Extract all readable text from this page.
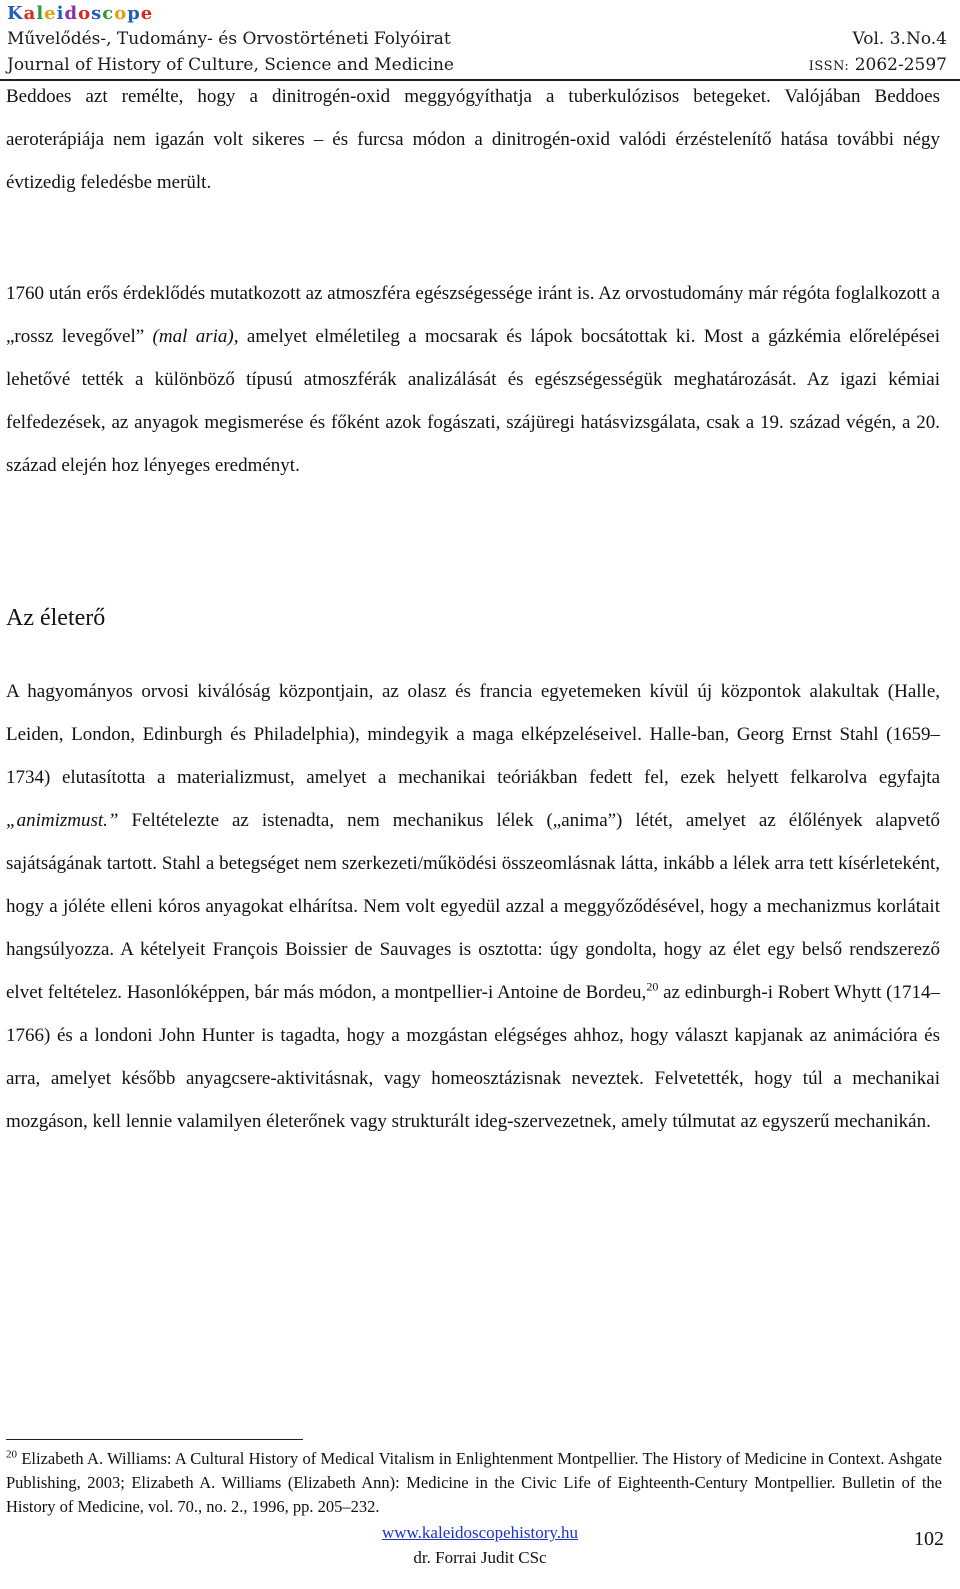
Kaleidoscope
Művelődés-, Tudomány- és Orvostörténeti Folyóirat	Vol. 3.No.4
Journal of History of Culture, Science and Medicine	ISSN: 2062-2597

Beddoes azt remélte, hogy a dinitrogén-oxid meggyógyíthatja a tuberkulózisos betegeket. Valójában Beddoes aeroterápiája nem igazán volt sikeres – és furcsa módon a dinitrogén-oxid valódi érzéstelenítő hatása további négy évtizedig feledésbe merült.

1760 után erős érdeklődés mutatkozott az atmoszféra egészségessége iránt is. Az orvostudomány már régóta foglalkozott a „rossz levegővel” (mal aria), amelyet elméletileg a mocsarak és lápok bocsátottak ki. Most a gázkémia előrelépései lehetővé tették a különböző típusú atmoszférák analizálását és egészségességük meghatározását. Az igazi kémiai felfedezések, az anyagok megismerése és főként azok fogászati, szájüregi hatásvizsgálata, csak a 19. század végén, a 20. század elején hoz lényeges eredményt.

Az életerő

A hagyományos orvosi kiválóság központjain, az olasz és francia egyetemeken kívül új központok alakultak (Halle, Leiden, London, Edinburgh és Philadelphia), mindegyik a maga elképzeléseivel. Halle-ban, Georg Ernst Stahl (1659–1734) elutasította a materializmust, amelyet a mechanikai teóriákban fedett fel, ezek helyett felkarolva egyfajta „animizmust.” Feltételezte az istenadta, nem mechanikus lélek („anima”) létét, amelyet az élőlények alapvető sajátságának tartott. Stahl a betegséget nem szerkezeti/működési összeomlásnak látta, inkább a lélek arra tett kísérleteként, hogy a jóléte elleni kóros anyagokat elhárítsa. Nem volt egyedül azzal a meggyőződésével, hogy a mechanizmus korlátait hangsúlyozza. A kételyeit François Boissier de Sauvages is osztotta: úgy gondolta, hogy az élet egy belső rendszerező elvet feltételez. Hasonlóképpen, bár más módon, a montpellier-i Antoine de Bordeu,$^{20}$ az edinburgh-i Robert Whytt (1714–1766) és a londoni John Hunter is tagadta, hogy a mozgástan elégséges ahhoz, hogy választ kapjanak az animációra és arra, amelyet később anyagcsere-aktivitásnak, vagy homeosztázisnak neveztek. Felvetették, hogy túl a mechanikai mozgáson, kell lennie valamilyen életerőnek vagy strukturált ideg-szervezetnek, amely túlmutat az egyszerű mechanikán.

$^{20}$ Elizabeth A. Williams: A Cultural History of Medical Vitalism in Enlightenment Montpellier. The History of Medicine in Context. Ashgate Publishing, 2003; Elizabeth A. Williams (Elizabeth Ann): Medicine in the Civic Life of Eighteenth-Century Montpellier. Bulletin of the History of Medicine, vol. 70., no. 2., 1996, pp. 205–232.

www.kaleidoscopehistory.hu
dr. Forrai Judit CSc
102
